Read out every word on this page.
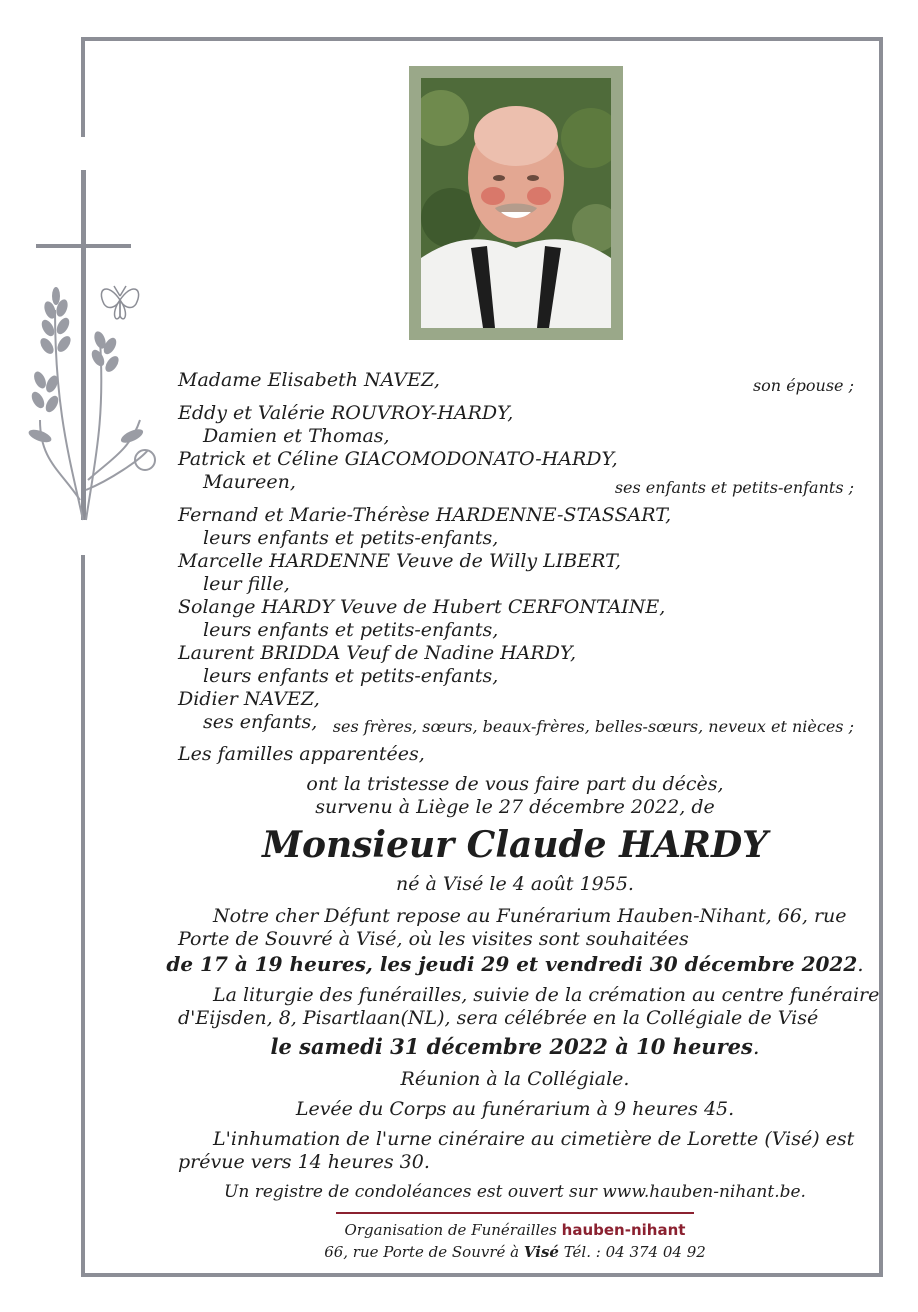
Madame Elisabeth NAVEZ,
Eddy et Valérie ROUVROY-HARDY,
Damien et Thomas,
Patrick et Céline GIACOMODONATO-HARDY,
Maureen,
Fernand et Marie-Thérèse HARDENNE-STASSART,
leurs enfants et petits-enfants,
Marcelle HARDENNE Veuve de Willy LIBERT,
leur fille,
Solange HARDY Veuve de Hubert CERFONTAINE,
leurs enfants et petits-enfants,
Laurent BRIDDA Veuf de Nadine HARDY,
leurs enfants et petits-enfants,
Didier NAVEZ,
ses enfants,
Les familles apparentées,
son épouse ;
ses enfants et petits-enfants ;
ses frères, sœurs, beaux-frères, belles-sœurs, neveux et nièces ;
ont la tristesse de vous faire part du décès,
survenu à Liège le 27 décembre 2022, de
Monsieur Claude HARDY
né à Visé le 4 août 1955.
Notre cher Défunt repose au Funérarium Hauben-Nihant, 66, rue
Porte de Souvré à Visé, où les visites sont souhaitées
de 17 à 19 heures, les jeudi 29 et vendredi 30 décembre 2022.
La liturgie des funérailles, suivie de la crémation au centre funéraire
d'Eijsden, 8, Pisartlaan(NL), sera célébrée en la Collégiale de Visé
le samedi 31 décembre 2022 à 10 heures.
Réunion à la Collégiale.
Levée du Corps au funérarium à 9 heures 45.
L'inhumation de l'urne cinéraire au cimetière de Lorette (Visé) est
prévue vers 14 heures 30.
Un registre de condoléances est ouvert sur www.hauben-nihant.be.
Organisation de Funérailles hauben-nihant
66, rue Porte de Souvré à Visé Tél. : 04 374 04 92
